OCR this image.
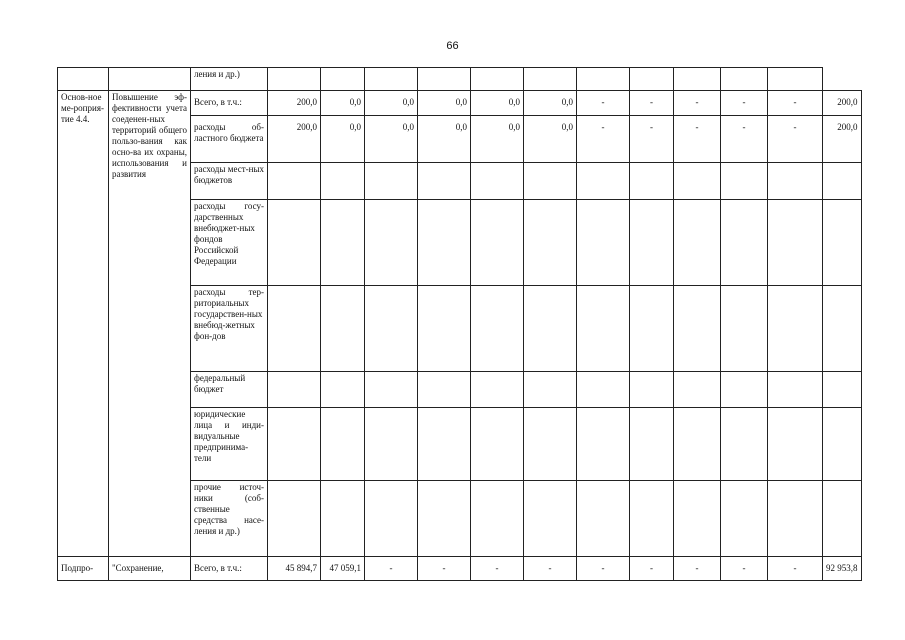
66
		ления и др.)												
Основ-ное ме-роприя-тие 4.4.	Повышение эф-фективности учета соеденен-ных территорий общего пользо-вания как осно-ва их охраны, использования и развития	Всего, в т.ч.:	200,0	0,0	0,0	0,0	0,0	0,0	-	-	-	-	-	200,0
		расходы об-ластного бюджета	200,0	0,0	0,0	0,0	0,0	0,0	-	-	-	-	-	200,0
		расходы мест-ных бюджетов												
		расходы госу-дарственных внебюджет-ных фондов Российской Федерации												
		расходы тер-риториальных государствен-ных внебюд-жетных фон-дов												
		федеральный бюджет												
		юридические лица и инди-видуальные предпринима-тели												
		прочие источ-ники (соб-ственные средства насе-ления и др.)												
Подпро-	"Сохранение,	Всего, в т.ч.:	45 894,7	47 059,1	-	-	-	-	-	-	-	-	-	92 953,8
